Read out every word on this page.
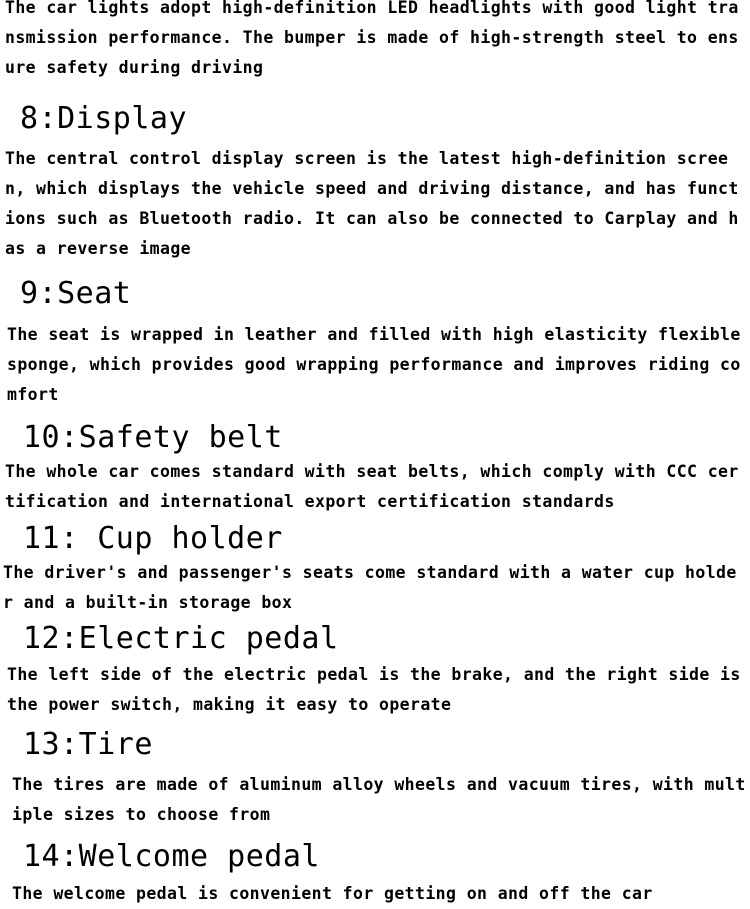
The car lights adopt high-definition LED headlights with good light transmission performance. The bumper is made of high-strength steel to ensure safety during driving

8:Display

The central control display screen is the latest high-definition screen, which displays the vehicle speed and driving distance, and has functions such as Bluetooth radio. It can also be connected to Carplay and has a reverse image

9:Seat

The seat is wrapped in leather and filled with high elasticity flexible sponge, which provides good wrapping performance and improves riding comfort

10:Safety belt

The whole car comes standard with seat belts, which comply with CCC certification and international export certification standards

11: Cup holder

The driver's and passenger's seats come standard with a water cup holder and a built-in storage box

12:Electric pedal

The left side of the electric pedal is the brake, and the right side is the power switch, making it easy to operate

13:Tire

The tires are made of aluminum alloy wheels and vacuum tires, with multiple sizes to choose from

14:Welcome pedal

The welcome pedal is convenient for getting on and off the car
